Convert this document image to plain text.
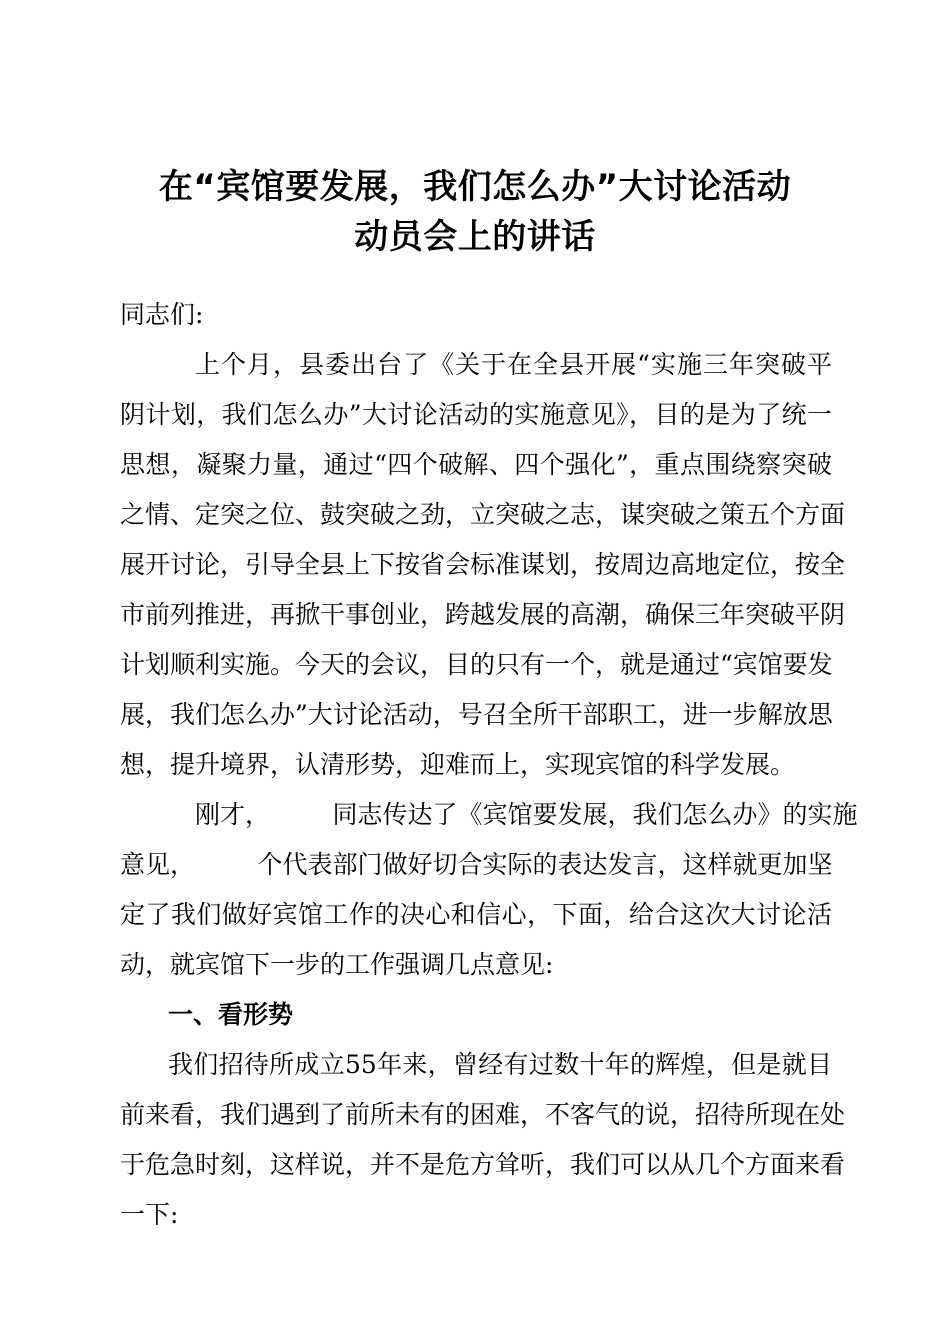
在“宾馆要发展，我们怎么办”大讨论活动
动员会上的讲话
同志们:
上个月，县委出台了《关于在全县开展“实施三年突破平
阴计划，我们怎么办”大讨论活动的实施意见》，目的是为了统一
思想，凝聚力量，通过“四个破解、四个强化”，重点围绕察突破
之情、定突之位、鼓突破之劲，立突破之志，谋突破之策五个方面
展开讨论，引导全县上下按省会标准谋划，按周边高地定位，按全
市前列推进，再掀干事创业，跨越发展的高潮，确保三年突破平阴
计划顺利实施。今天的会议，目的只有一个，就是通过“宾馆要发
展，我们怎么办”大讨论活动，号召全所干部职工，进一步解放思
想，提升境界，认清形势，迎难而上，实现宾馆的科学发展。
刚才，　　　同志传达了《宾馆要发展，我们怎么办》的实施
意见，　　　个代表部门做好切合实际的表达发言，这样就更加坚
定了我们做好宾馆工作的决心和信心，下面，给合这次大讨论活
动，就宾馆下一步的工作强调几点意见:
一、看形势
我们招待所成立55年来，曾经有过数十年的辉煌，但是就目
前来看，我们遇到了前所未有的困难，不客气的说，招待所现在处
于危急时刻，这样说，并不是危方耸听，我们可以从几个方面来看
一下:
